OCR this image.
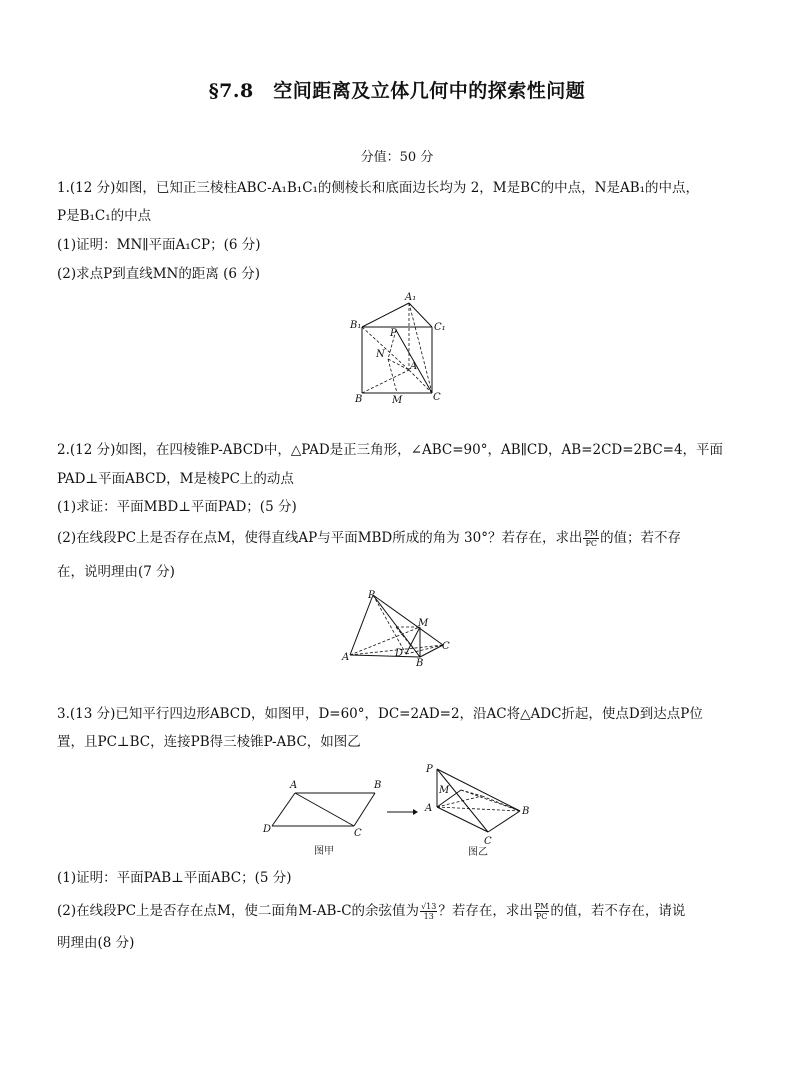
§7.8　空间距离及立体几何中的探索性问题
分值：50 分
1.(12 分)如图，已知正三棱柱ABC-A₁B₁C₁的侧棱长和底面边长均为 2，M是BC的中点，N是AB₁的中点，
P是B₁C₁的中点
(1)证明：MN∥平面A₁CP；(6 分)
(2)求点P到直线MN的距离 (6 分)
A₁
B₁	C₁
P
N
A
B	M	C
2.(12 分)如图，在四棱锥P-ABCD中，△PAD是正三角形，∠ABC=90°，AB∥CD，AB=2CD=2BC=4，平面
PAD⊥平面ABCD，M是棱PC上的动点
(1)求证：平面MBD⊥平面PAD；(5 分)
(2)在线段PC上是否存在点M，使得直线AP与平面MBD所成的角为 30°？若存在，求出 $\frac{PM}{PC}$ 的值；若不存
在，说明理由(7 分)
P
M
C
A	D
B
3.(13 分)已知平行四边形ABCD，如图甲，D=60°，DC=2AD=2，沿AC将△ADC折起，使点D到达点P位
置，且PC⊥BC，连接PB得三棱锥P-ABC，如图乙
A	B
D	C
图甲
P
M
A	B
C
图乙
(1)证明：平面PAB⊥平面ABC；(5 分)
(2)在线段PC上是否存在点M，使二面角M-AB-C的余弦值为 $\frac{√13}{13}$ ？若存在，求出 $\frac{PM}{PC}$ 的值，若不存在，请说
明理由(8 分)
